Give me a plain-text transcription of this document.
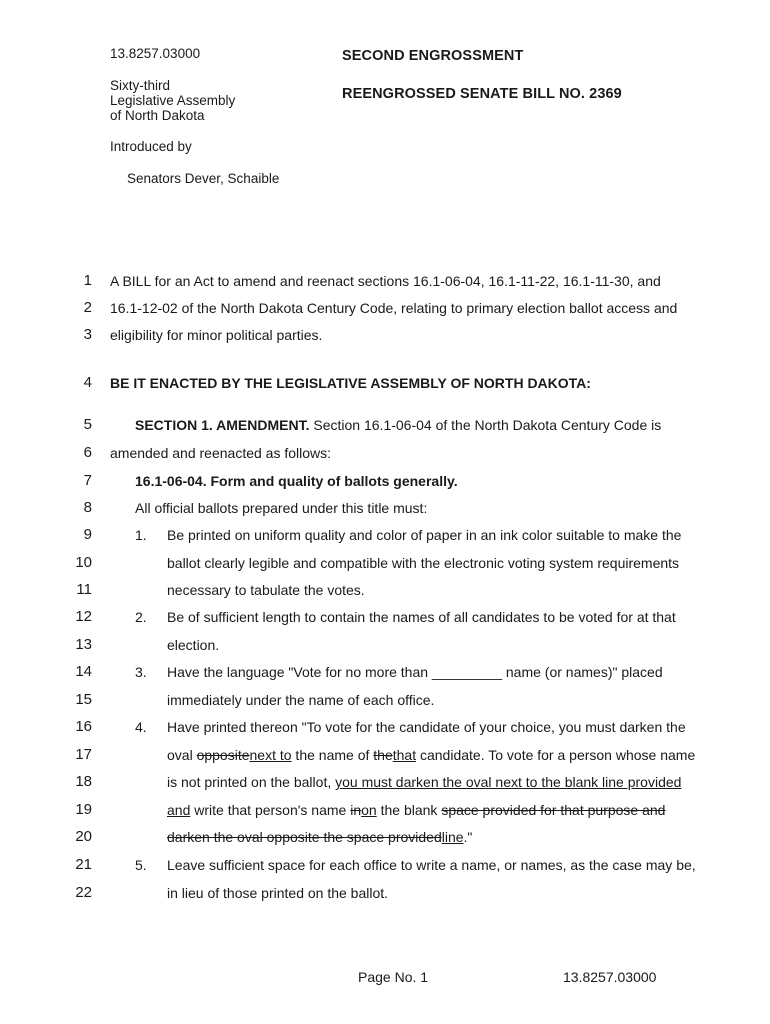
13.8257.03000
Sixty-third
Legislative Assembly
of North Dakota
SECOND ENGROSSMENT
REENGROSSED SENATE BILL NO. 2369
Introduced by
Senators Dever, Schaible
1 A BILL for an Act to amend and reenact sections 16.1-06-04, 16.1-11-22, 16.1-11-30, and
2 16.1-12-02 of the North Dakota Century Code, relating to primary election ballot access and
3 eligibility for minor political parties.
4 BE IT ENACTED BY THE LEGISLATIVE ASSEMBLY OF NORTH DAKOTA:
5	SECTION 1. AMENDMENT. Section 16.1-06-04 of the North Dakota Century Code is
6 amended and reenacted as follows:
7	16.1-06-04. Form and quality of ballots generally.
8	All official ballots prepared under this title must:
9	1. Be printed on uniform quality and color of paper in an ink color suitable to make the
10	ballot clearly legible and compatible with the electronic voting system requirements
11	necessary to tabulate the votes.
12	2. Be of sufficient length to contain the names of all candidates to be voted for at that
13	election.
14	3. Have the language "Vote for no more than _________ name (or names)" placed
15	immediately under the name of each office.
16	4. Have printed thereon "To vote for the candidate of your choice, you must darken the
17	oval oppositenext to the name of thethat candidate. To vote for a person whose name
18	is not printed on the ballot, you must darken the oval next to the blank line provided
19	and write that person's name inon the blank space provided for that purpose and
20	darken the oval opposite the space providedline."
21	5. Leave sufficient space for each office to write a name, or names, as the case may be,
22	in lieu of those printed on the ballot.
Page No. 1	13.8257.03000
